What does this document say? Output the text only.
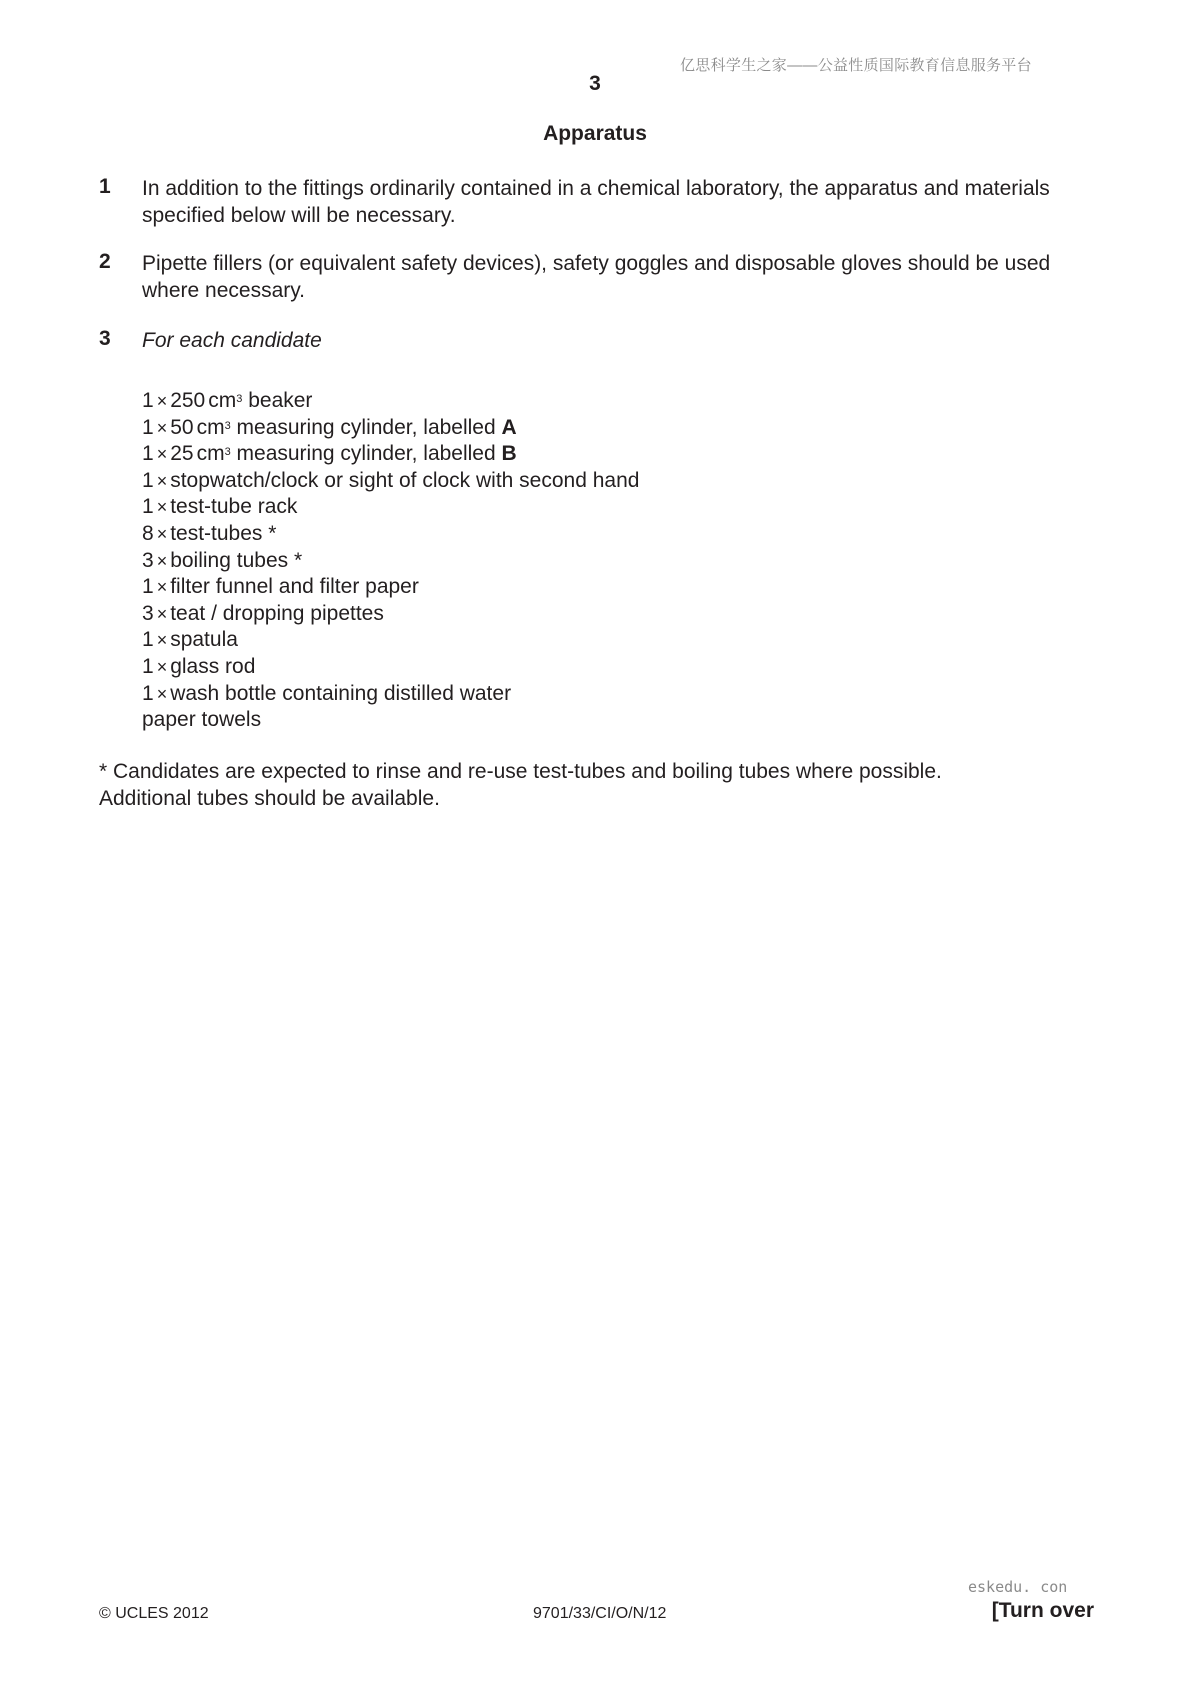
亿思科学生之家——公益性质国际教育信息服务平台
3
Apparatus
1 In addition to the fittings ordinarily contained in a chemical laboratory, the apparatus and materials specified below will be necessary.
2 Pipette fillers (or equivalent safety devices), safety goggles and disposable gloves should be used where necessary.
3 For each candidate
1 × 250 $cm^3$ beaker
1 × 50 $cm^3$ measuring cylinder, labelled A
1 × 25 $cm^3$ measuring cylinder, labelled B
1 × stopwatch/clock or sight of clock with second hand
1 × test-tube rack
8 × test-tubes *
3 × boiling tubes *
1 × filter funnel and filter paper
3 × teat / dropping pipettes
1 × spatula
1 × glass rod
1 × wash bottle containing distilled water
paper towels
* Candidates are expected to rinse and re-use test-tubes and boiling tubes where possible.
Additional tubes should be available.
eskedu. con
© UCLES 2012	9701/33/CI/O/N/12	[Turn over
